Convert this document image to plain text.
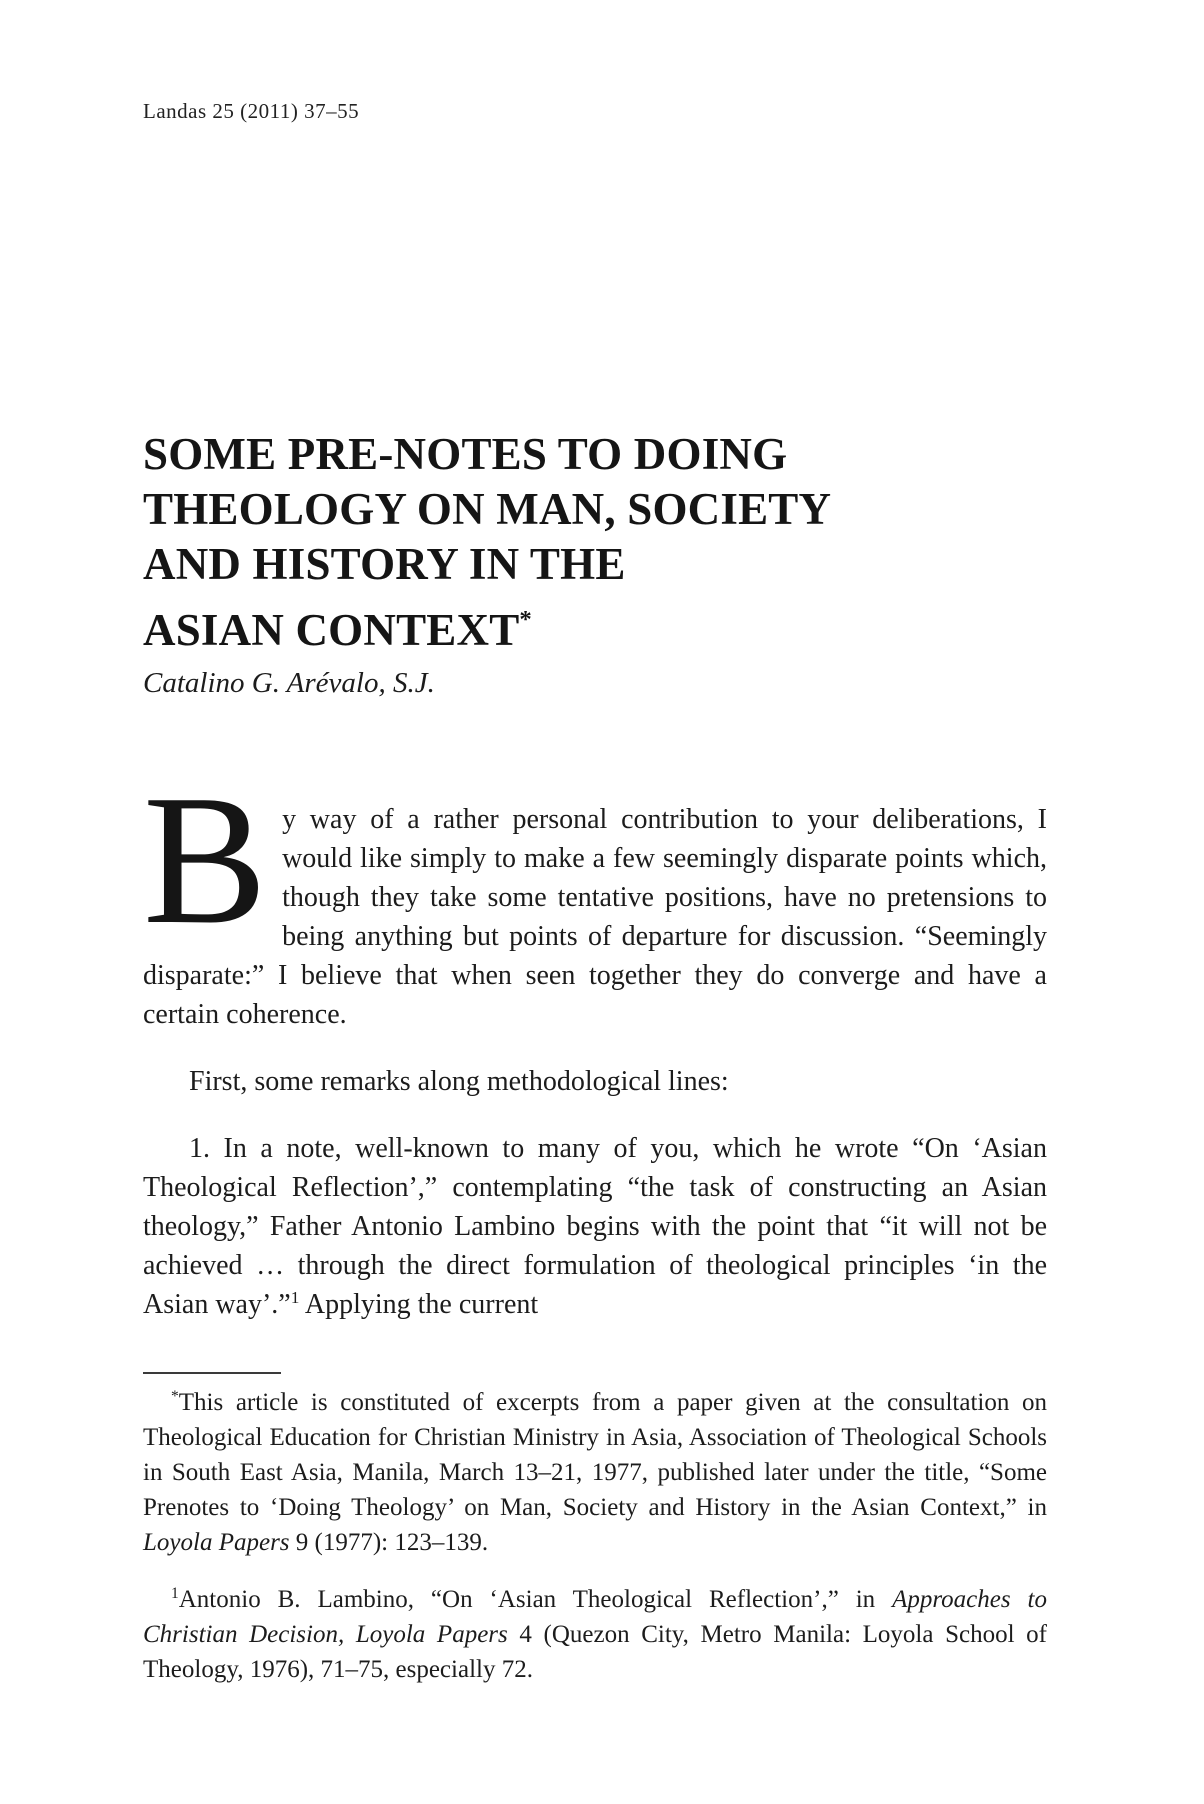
Landas 25 (2011) 37–55
SOME PRE-NOTES TO DOING
THEOLOGY ON MAN, SOCIETY
AND HISTORY IN THE
ASIAN CONTEXT*
Catalino G. Arévalo, S.J.

By way of a rather personal contribution to your deliberations, I would like simply to make a few seemingly disparate points which, though they take some tentative positions, have no pretensions to being anything but points of departure for discussion. “Seemingly disparate:” I believe that when seen together they do converge and have a certain coherence.

First, some remarks along methodological lines:

1. In a note, well-known to many of you, which he wrote “On ‘Asian Theological Reflection’,” contemplating “the task of constructing an Asian theology,” Father Antonio Lambino begins with the point that “it will not be achieved … through the direct formulation of theological principles ‘in the Asian way’.”$^1$ Applying the current

*This article is constituted of excerpts from a paper given at the consultation on Theological Education for Christian Ministry in Asia, Association of Theological Schools in South East Asia, Manila, March 13–21, 1977, published later under the title, “Some Prenotes to ‘Doing Theology’ on Man, Society and History in the Asian Context,” in Loyola Papers 9 (1977): 123–139.

$^1$Antonio B. Lambino, “On ‘Asian Theological Reflection’,” in Approaches to Christian Decision, Loyola Papers 4 (Quezon City, Metro Manila: Loyola School of Theology, 1976), 71–75, especially 72.
